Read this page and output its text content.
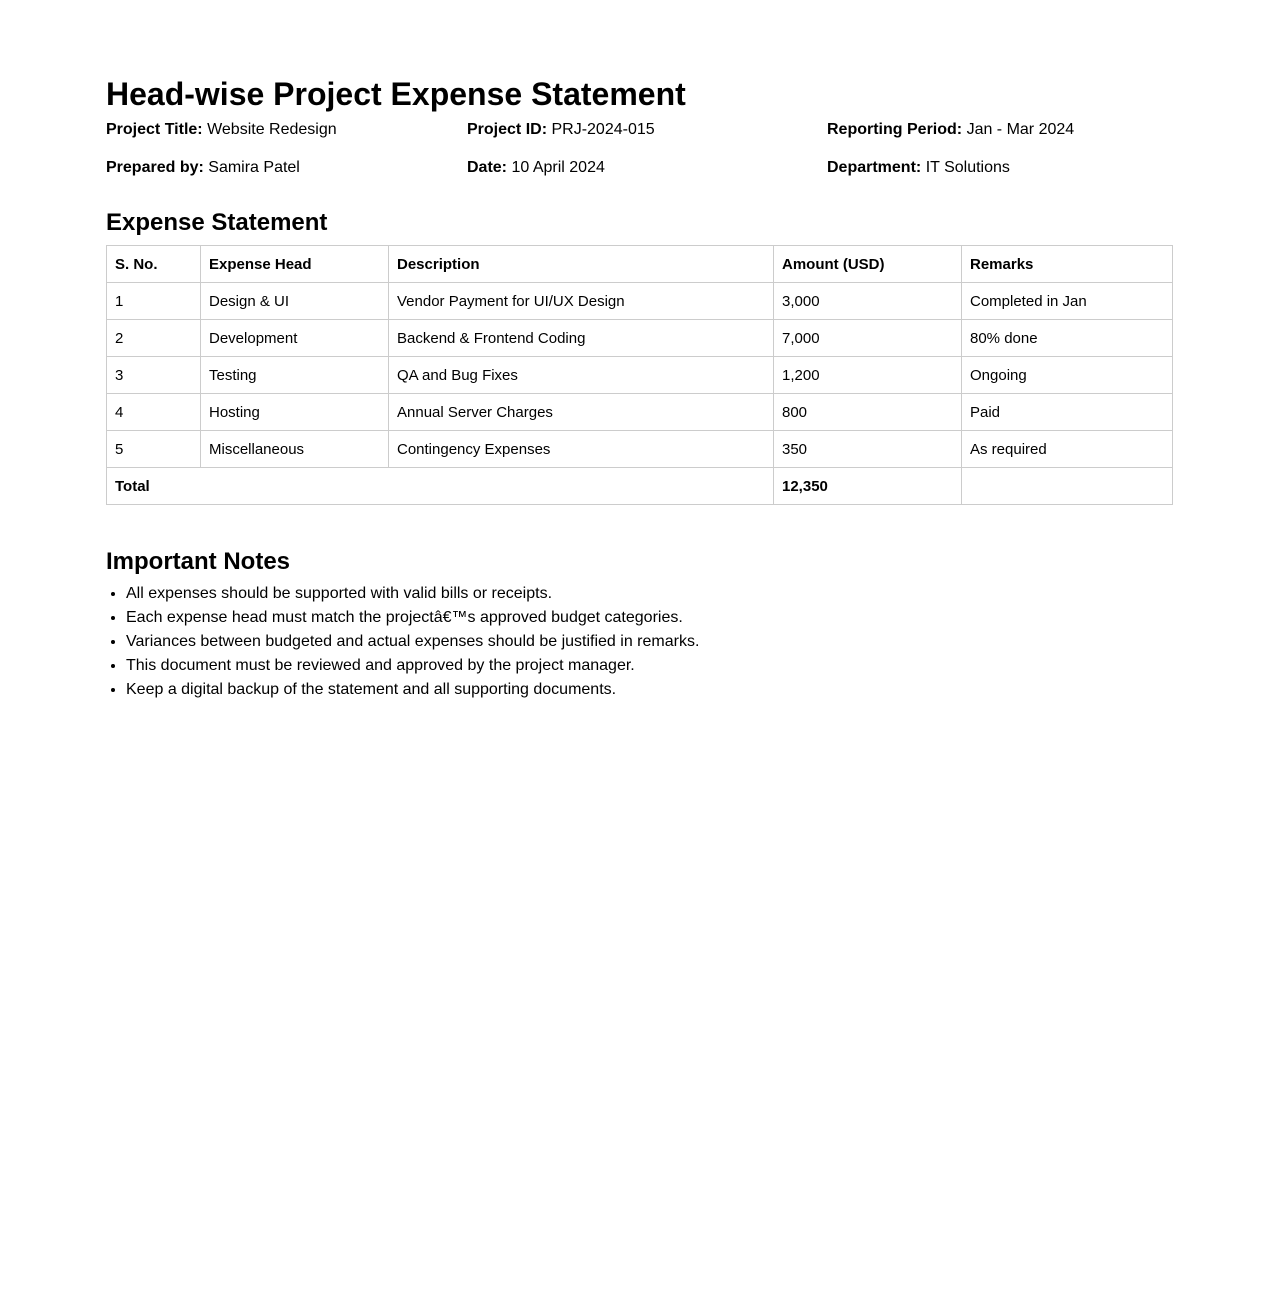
Head-wise Project Expense Statement
Project Title: Website Redesign	Project ID: PRJ-2024-015	Reporting Period: Jan - Mar 2024
Prepared by: Samira Patel	Date: 10 April 2024	Department: IT Solutions
Expense Statement
S. No.	Expense Head	Description	Amount (USD)	Remarks
1	Design & UI	Vendor Payment for UI/UX Design	3,000	Completed in Jan
2	Development	Backend & Frontend Coding	7,000	80% done
3	Testing	QA and Bug Fixes	1,200	Ongoing
4	Hosting	Annual Server Charges	800	Paid
5	Miscellaneous	Contingency Expenses	350	As required
Total			12,350	
Important Notes
• All expenses should be supported with valid bills or receipts.
• Each expense head must match the projectâ€™s approved budget categories.
• Variances between budgeted and actual expenses should be justified in remarks.
• This document must be reviewed and approved by the project manager.
• Keep a digital backup of the statement and all supporting documents.
